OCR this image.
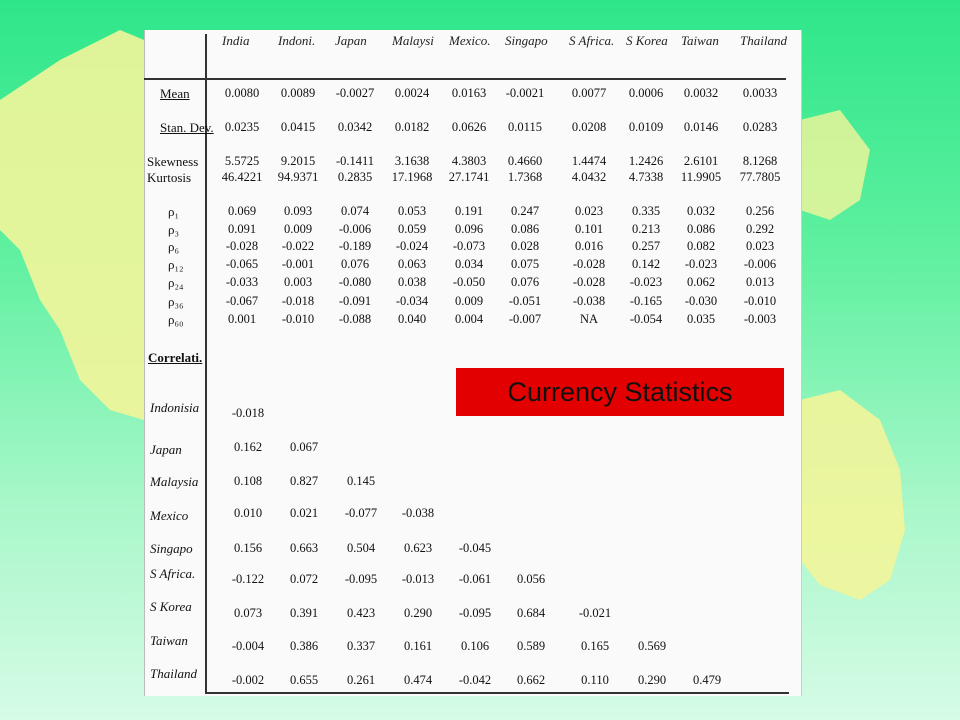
India Indoni. Japan Malaysi Mexico. Singapo S Africa. S Korea Taiwan Thailand
Mean	0.0080	0.0089	-0.0027	0.0024	0.0163	-0.0021	0.0077	0.0006	0.0032	0.0033
Stan. Dev. 0.0235	0.0415	0.0342	0.0182	0.0626	0.0115	0.0208	0.0109	0.0146	0.0283
Skewness	5.5725	9.2015	-0.1411	3.1638	4.3803	0.4660	1.4474	1.2426	2.6101	8.1268
Kurtosis	46.4221	94.9371	0.2835	17.1968	27.1741	1.7368	4.0432	4.7338	11.9905	77.7805
ρ₁	0.069	0.093	0.074	0.053	0.191	0.247	0.023	0.335	0.032	0.256
ρ₃	0.091	0.009	-0.006	0.059	0.096	0.086	0.101	0.213	0.086	0.292
ρ₆	-0.028	-0.022	-0.189	-0.024	-0.073	0.028	0.016	0.257	0.082	0.023
ρ₁₂	-0.065	-0.001	0.076	0.063	0.034	0.075	-0.028	0.142	-0.023	-0.006
ρ₂₄	-0.033	0.003	-0.080	0.038	-0.050	0.076	-0.028	-0.023	0.062	0.013
ρ₃₆	-0.067	-0.018	-0.091	-0.034	0.009	-0.051	-0.038	-0.165	-0.030	-0.010
ρ₆₀	0.001	-0.010	-0.088	0.040	0.004	-0.007	NA	-0.054	0.035	-0.003
Correlati.
Indonisia	-0.018
Japan	0.162	0.067
Malaysia	0.108	0.827	0.145
Mexico	0.010	0.021	-0.077	-0.038
Singapo	0.156	0.663	0.504	0.623	-0.045
S Africa.	-0.122	0.072	-0.095	-0.013	-0.061	0.056
S Korea	0.073	0.391	0.423	0.290	-0.095	0.684	-0.021
Taiwan	-0.004	0.386	0.337	0.161	0.106	0.589	0.165	0.569
Thailand	-0.002	0.655	0.261	0.474	-0.042	0.662	0.110	0.290	0.479
Currency Statistics
